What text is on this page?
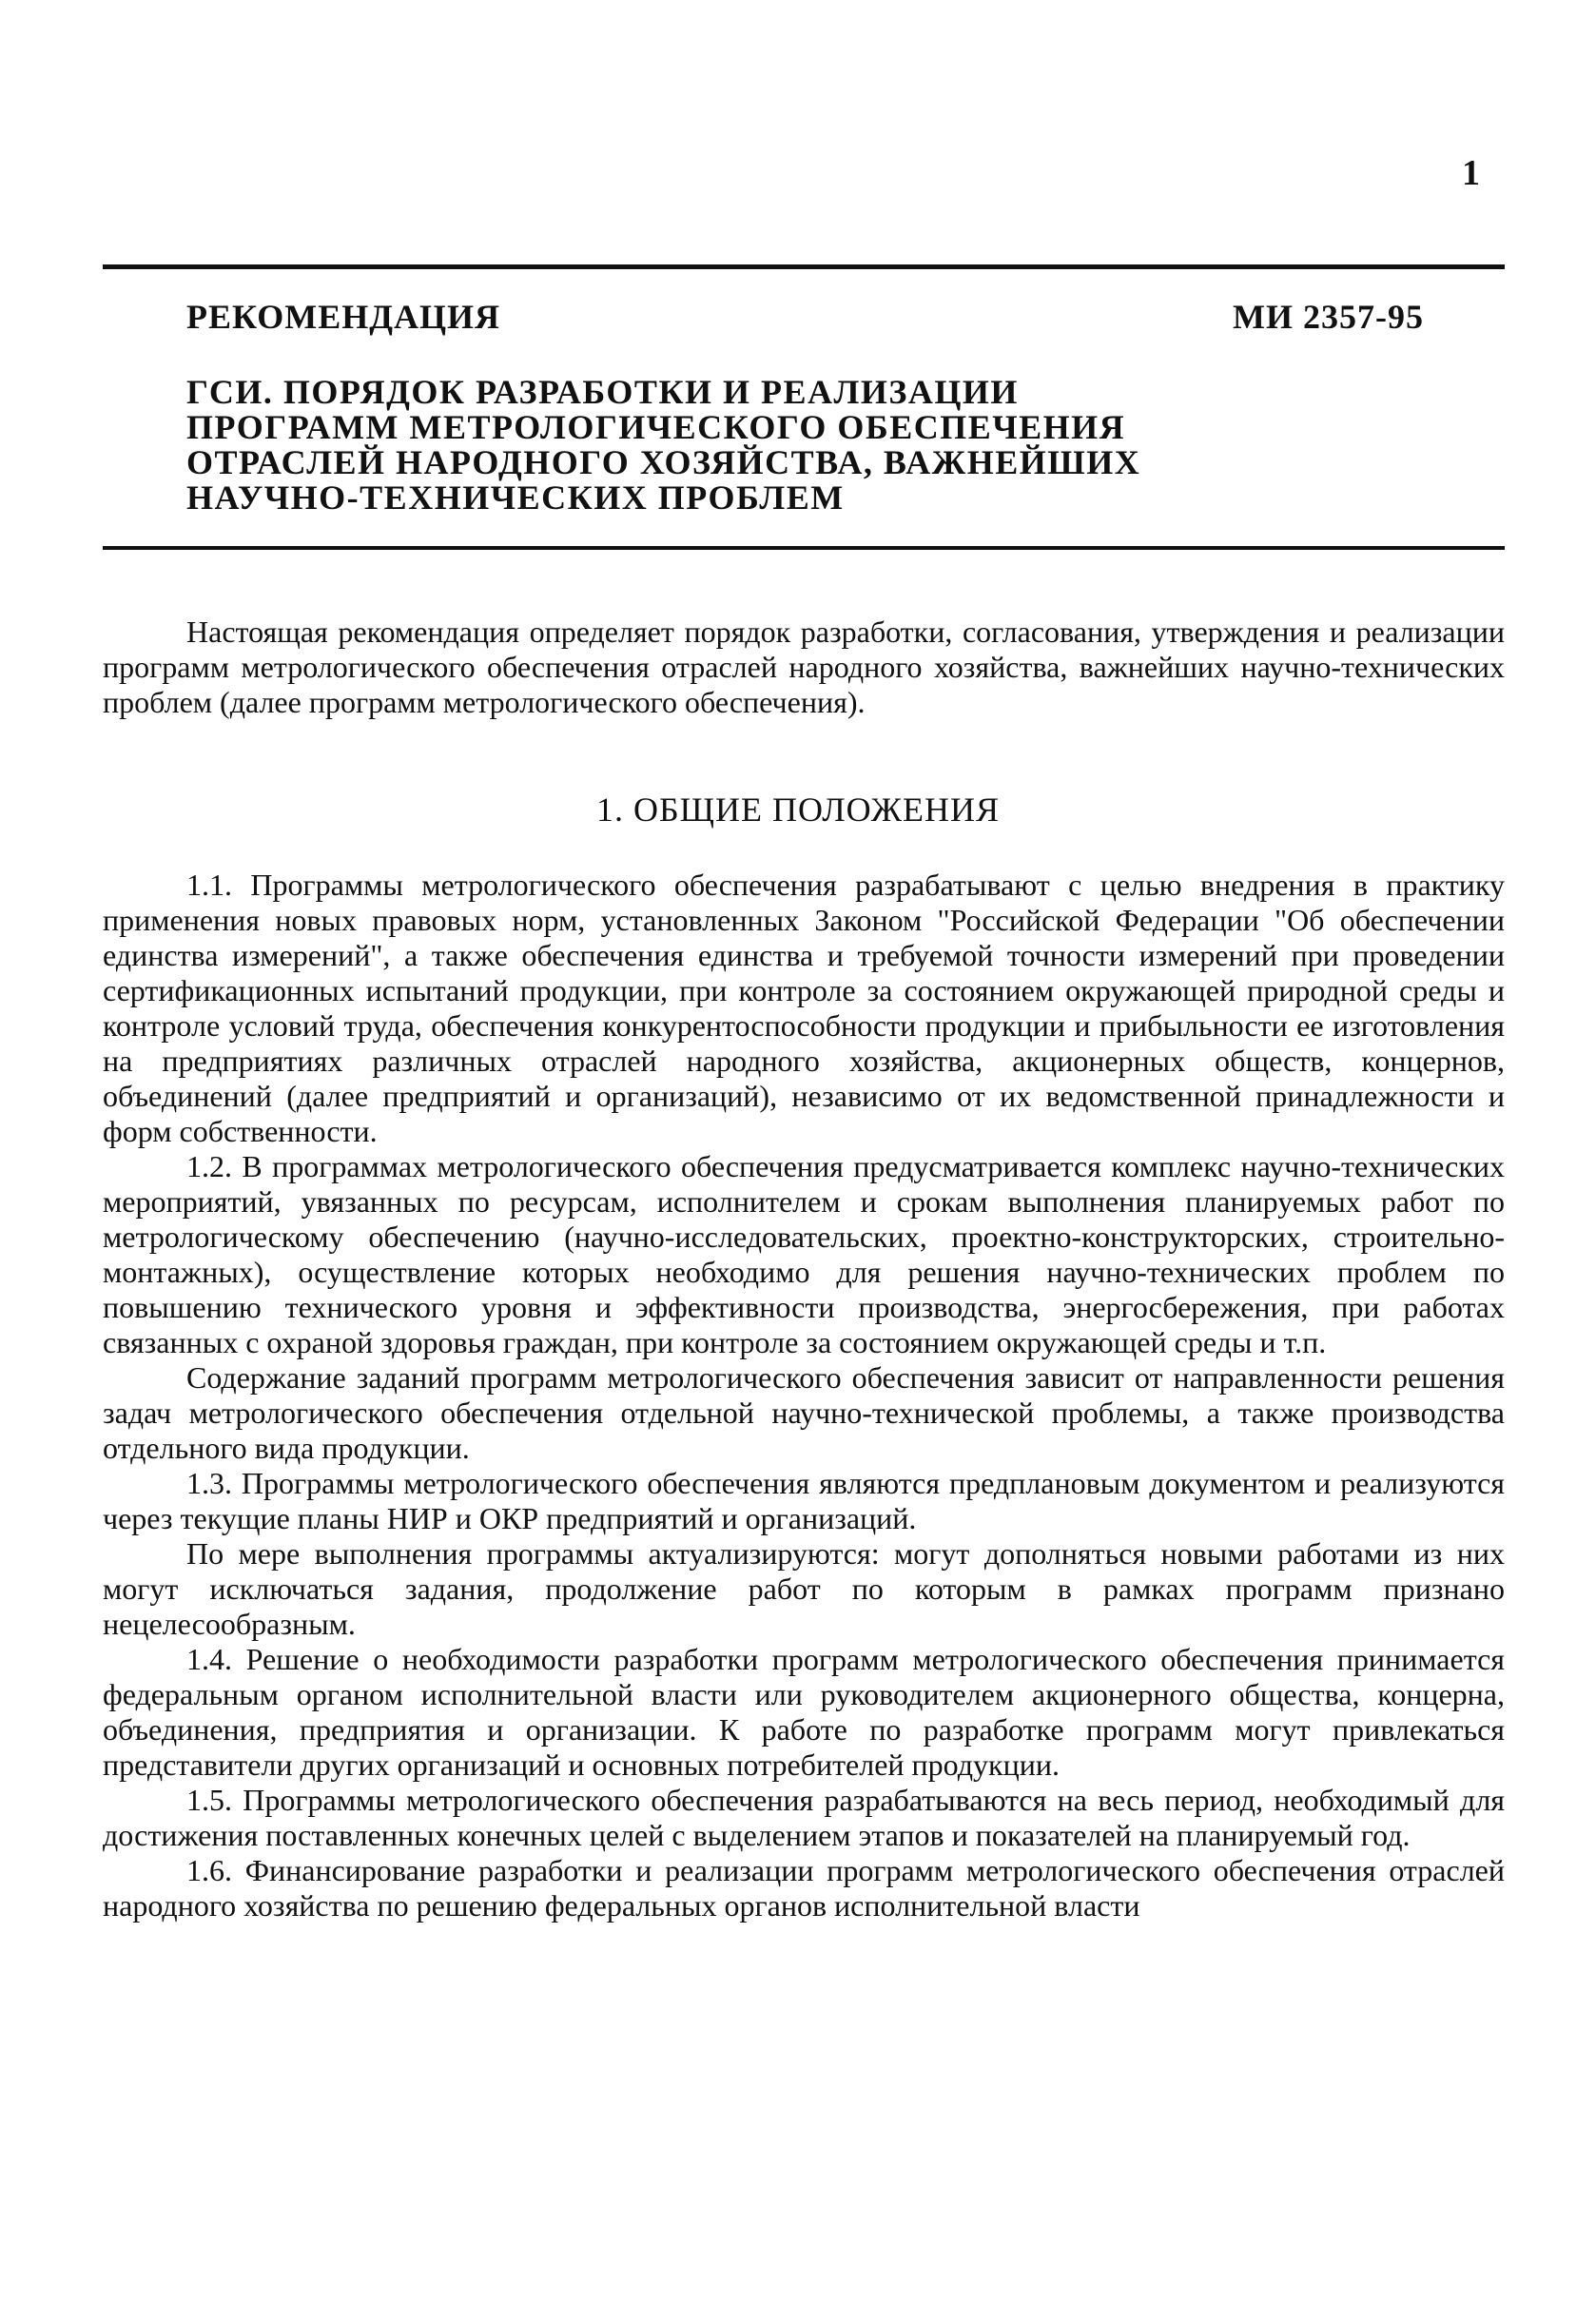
1
РЕКОМЕНДАЦИЯ	МИ 2357-95
ГСИ. ПОРЯДОК РАЗРАБОТКИ И РЕАЛИЗАЦИИ
ПРОГРАММ МЕТРОЛОГИЧЕСКОГО ОБЕСПЕЧЕНИЯ
ОТРАСЛЕЙ НАРОДНОГО ХОЗЯЙСТВА, ВАЖНЕЙШИХ
НАУЧНО-ТЕХНИЧЕСКИХ ПРОБЛЕМ

Настоящая рекомендация определяет порядок разработки, согласования, утверждения и реализации программ метрологического обеспечения отраслей народного хозяйства, важнейших научно-технических проблем (далее программ метрологического обеспечения).

1. ОБЩИЕ ПОЛОЖЕНИЯ

1.1. Программы метрологического обеспечения разрабатывают с целью внедрения в практику применения новых правовых норм, установленных Законом "Российской Федерации "Об обеспечении единства измерений", а также обеспечения единства и требуемой точности измерений при проведении сертификационных испытаний продукции, при контроле за состоянием окружающей природной среды и контроле условий труда, обеспечения конкурентоспособности продукции и прибыльности ее изготовления на предприятиях различных отраслей народного хозяйства, акционерных обществ, концернов, объединений (далее предприятий и организаций), независимо от их ведомственной принадлежности и форм собственности.

1.2. В программах метрологического обеспечения предусматривается комплекс научно-технических мероприятий, увязанных по ресурсам, исполнителем и срокам выполнения планируемых работ по метрологическому обеспечению (научно-исследовательских, проектно-конструкторских, строительно-монтажных), осуществление которых необходимо для решения научно-технических проблем по повышению технического уровня и эффективности производства, энергосбережения, при работах связанных с охраной здоровья граждан, при контроле за состоянием окружающей среды и т.п.

Содержание заданий программ метрологического обеспечения зависит от направленности решения задач метрологического обеспечения отдельной научно-технической проблемы, а также производства отдельного вида продукции.

1.3. Программы метрологического обеспечения являются предплановым документом и реализуются через текущие планы НИР и ОКР предприятий и организаций.

По мере выполнения программы актуализируются: могут дополняться новыми работами из них могут исключаться задания, продолжение работ по которым в рамках программ признано нецелесообразным.

1.4. Решение о необходимости разработки программ метрологического обеспечения принимается федеральным органом исполнительной власти или руководителем акционерного общества, концерна, объединения, предприятия и организации. К работе по разработке программ могут привлекаться представители других организаций и основных потребителей продукции.

1.5. Программы метрологического обеспечения разрабатываются на весь период, необходимый для достижения поставленных конечных целей с выделением этапов и показателей на планируемый год.

1.6. Финансирование разработки и реализации программ метрологического обеспечения отраслей народного хозяйства по решению федеральных органов исполнительной власти
